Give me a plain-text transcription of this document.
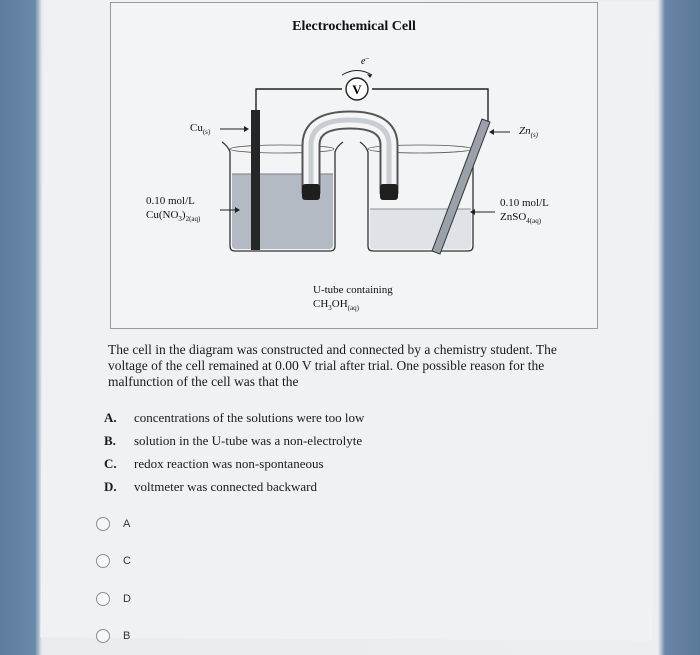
Electrochemical Cell
V
e–
$Cu_{(s)}$	$Zn_{(s)}$
0.10 mol/L
$Cu(NO_3)_{2(aq)}$
0.10 mol/L
ZnSO$_{4(aq)}$
U-tube containing
$CH_3OH_{(aq)}$
The cell in the diagram was constructed and connected by a chemistry student. The voltage of the cell remained at 0.00 V trial after trial. One possible reason for the malfunction of the cell was that the
A.	concentrations of the solutions were too low
B.	solution in the U-tube was a non-electrolyte
C.	redox reaction was non-spontaneous
D.	voltmeter was connected backward
A
C
D
B
